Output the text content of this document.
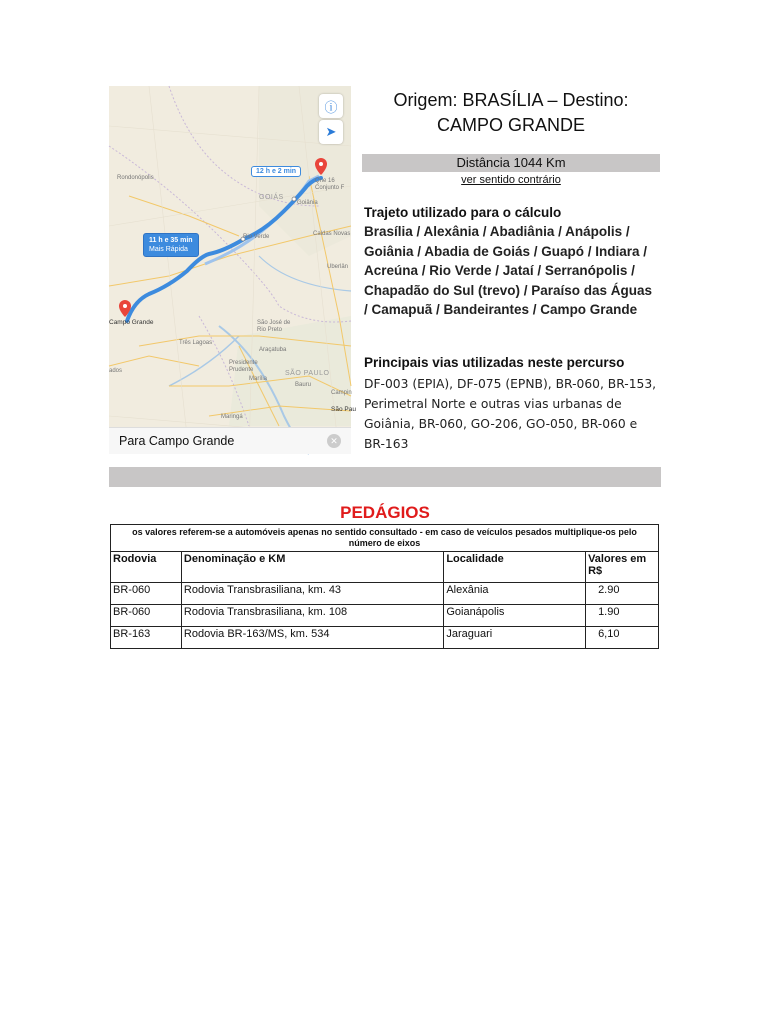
ⓘ
➤
12 h e 2 min
11 h e 35 min
Mais Rápida
GOIÁS
SÃO PAULO
Campo Grande
Rondonópolis
Goiânia
Rio Verde	Caldas Novas
Uberlân
Três Lagoas
São José de Rio Preto
Araçatuba
Presidente Prudente
Marília
Bauru
Maringá
Campin
São Pau
ados
Qne 16 Conjunto F
Para Campo Grande	✕
Origem: BRASÍLIA – Destino:
CAMPO GRANDE
Distância 1044 Km
ver sentido contrário
Trajeto utilizado para o cálculo
Brasília / Alexânia / Abadiânia / Anápolis / Goiânia / Abadia de Goiás / Guapó / Indiara / Acreúna / Rio Verde / Jataí / Serranópolis / Chapadão do Sul (trevo) / Paraíso das Águas / Camapuã / Bandeirantes / Campo Grande
Principais vias utilizadas neste percurso
DF-003 (EPIA), DF-075 (EPNB), BR-060, BR-153, Perimetral Norte e outras vias urbanas de Goiânia, BR-060, GO-206, GO-050, BR-060 e BR-163
PEDÁGIOS
os valores referem-se a automóveis apenas no sentido consultado - em caso de veículos pesados multiplique-os pelo número de eixos			
Rodovia	Denominação e KM	Localidade	Valores em R$
BR-060	Rodovia Transbrasiliana, km. 43	Alexânia	2.90
BR-060	Rodovia Transbrasiliana, km. 108	Goianápolis	1.90
BR-163	Rodovia BR-163/MS, km. 534	Jaraguari	6,10
